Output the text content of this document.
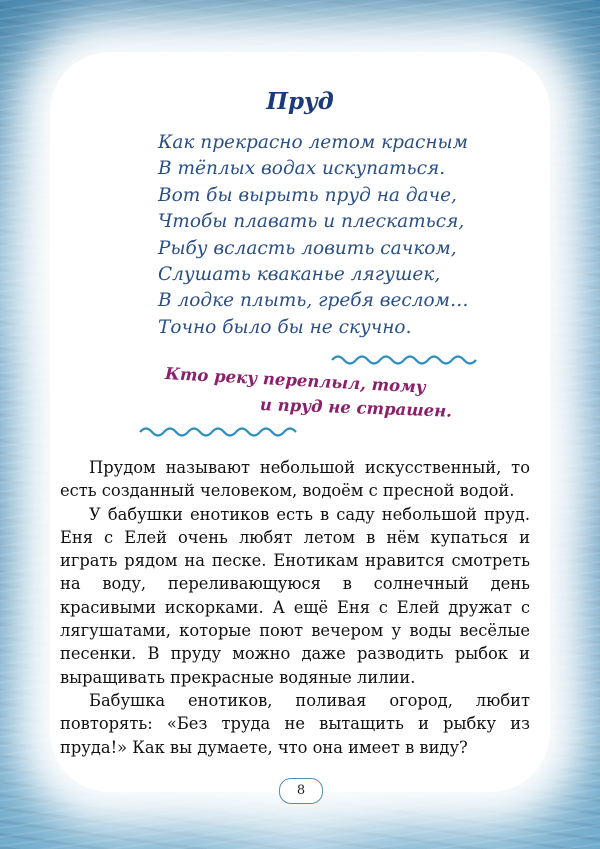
Пруд
Как прекрасно летом красным
В тёплых водах искупаться.
Вот бы вырыть пруд на даче,
Чтобы плавать и плескаться,
Рыбу всласть ловить сачком,
Слушать кваканье лягушек,
В лодке плыть, гребя веслом…
Точно было бы не скучно.

Кто реку переплыл, тому

и пруд не страшен.

Прудом называют небольшой искусственный, то есть созданный человеком, водоём с пресной водой.

У бабушки енотиков есть в саду небольшой пруд. Еня с Елей очень любят летом в нём купаться и играть рядом на песке. Енотикам нравится смотреть на воду, переливающуюся в солнечный день красивыми искорками. А ещё Еня с Елей дружат с лягушатами, которые поют вечером у воды весёлые песенки. В пруду можно даже разводить рыбок и выращивать прекрасные водяные лилии.

Бабушка енотиков, поливая огород, любит повторять: «Без труда не вытащить и рыбку из пруда!» Как вы думаете, что она имеет в виду?

8
